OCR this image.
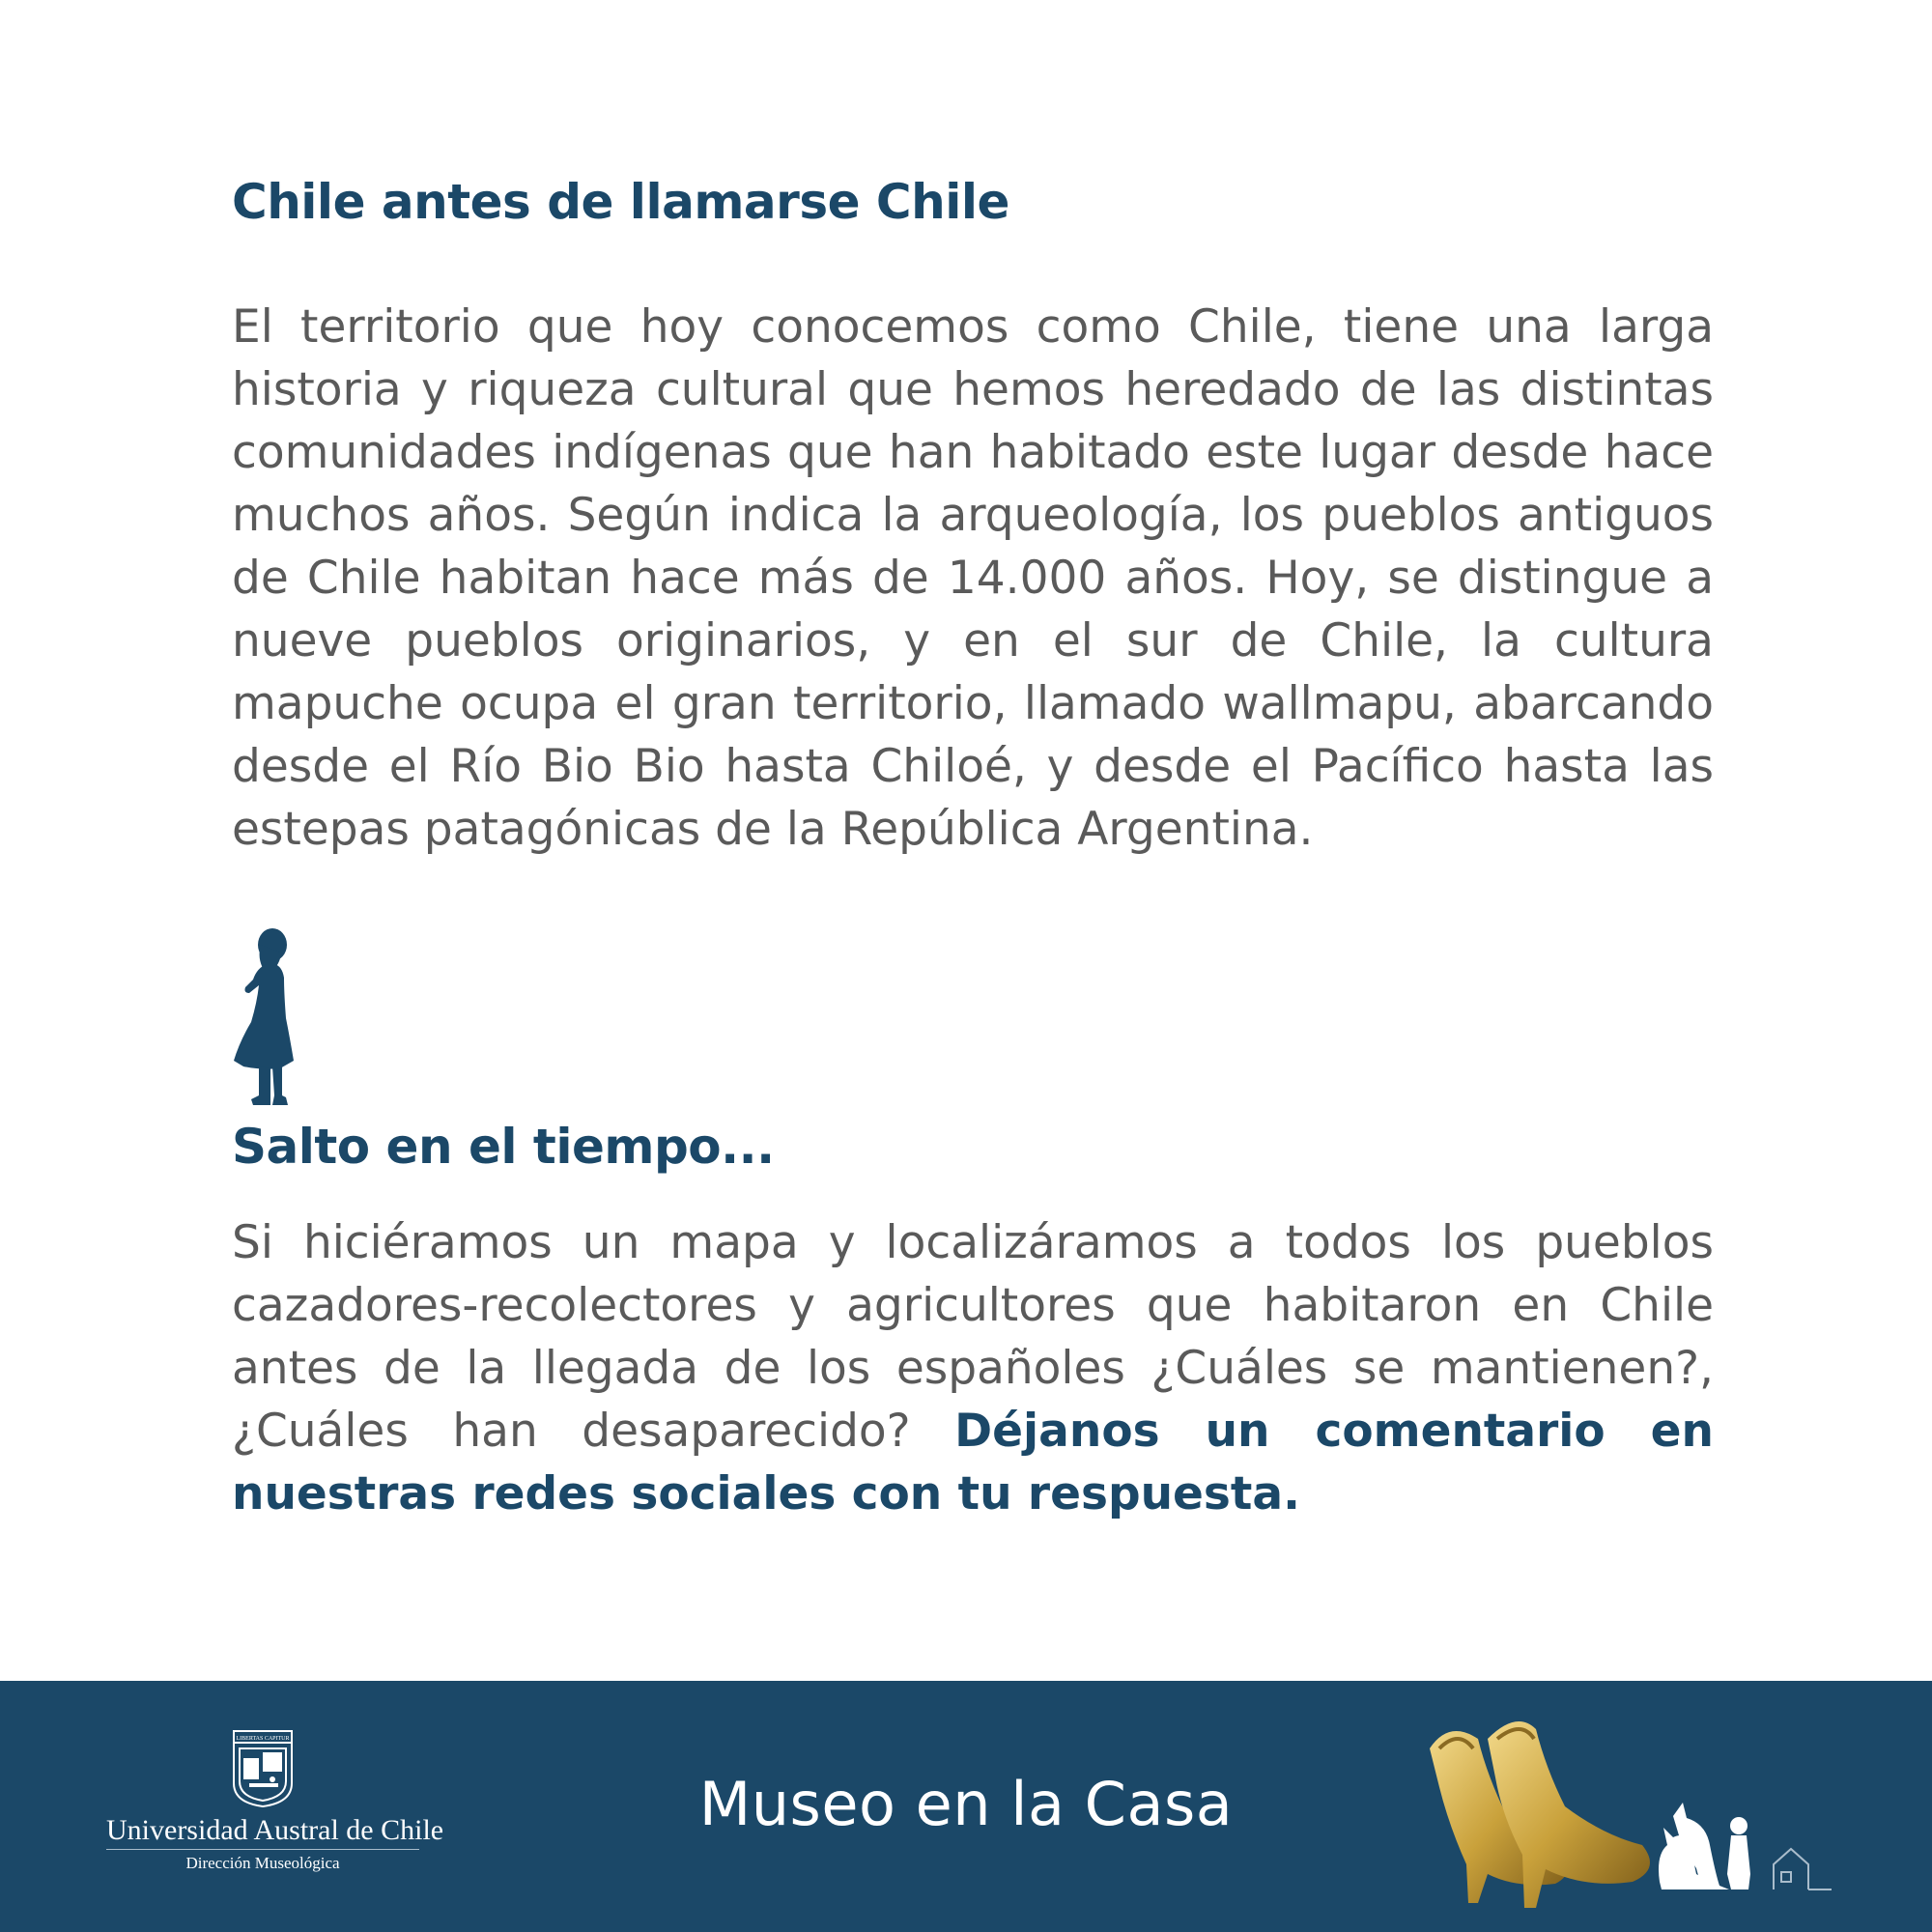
Chile antes de llamarse Chile

El territorio que hoy conocemos como Chile, tiene una larga historia y riqueza cultural que hemos heredado de las distintas comunidades indígenas que han habitado este lugar desde hace muchos años. Según indica la arqueología, los pueblos antiguos de Chile habitan hace más de 14.000 años. Hoy, se distingue a nueve pueblos originarios, y en el sur de Chile, la cultura mapuche ocupa el gran territorio, llamado wallmapu, abarcando desde el Río Bio Bio hasta Chiloé, y desde el Pacífico hasta las estepas patagónicas de la República Argentina.

Salto en el tiempo...

Si hiciéramos un mapa y localizáramos a todos los pueblos cazadores-recolectores y agricultores que habitaron en Chile antes de la llegada de los españoles ¿Cuáles se mantienen?, ¿Cuáles han desaparecido? Déjanos un comentario en nuestras redes sociales con tu respuesta.

LIBERTAS CAPITUR
Universidad Austral de Chile
Dirección Museológica
Museo en la Casa
